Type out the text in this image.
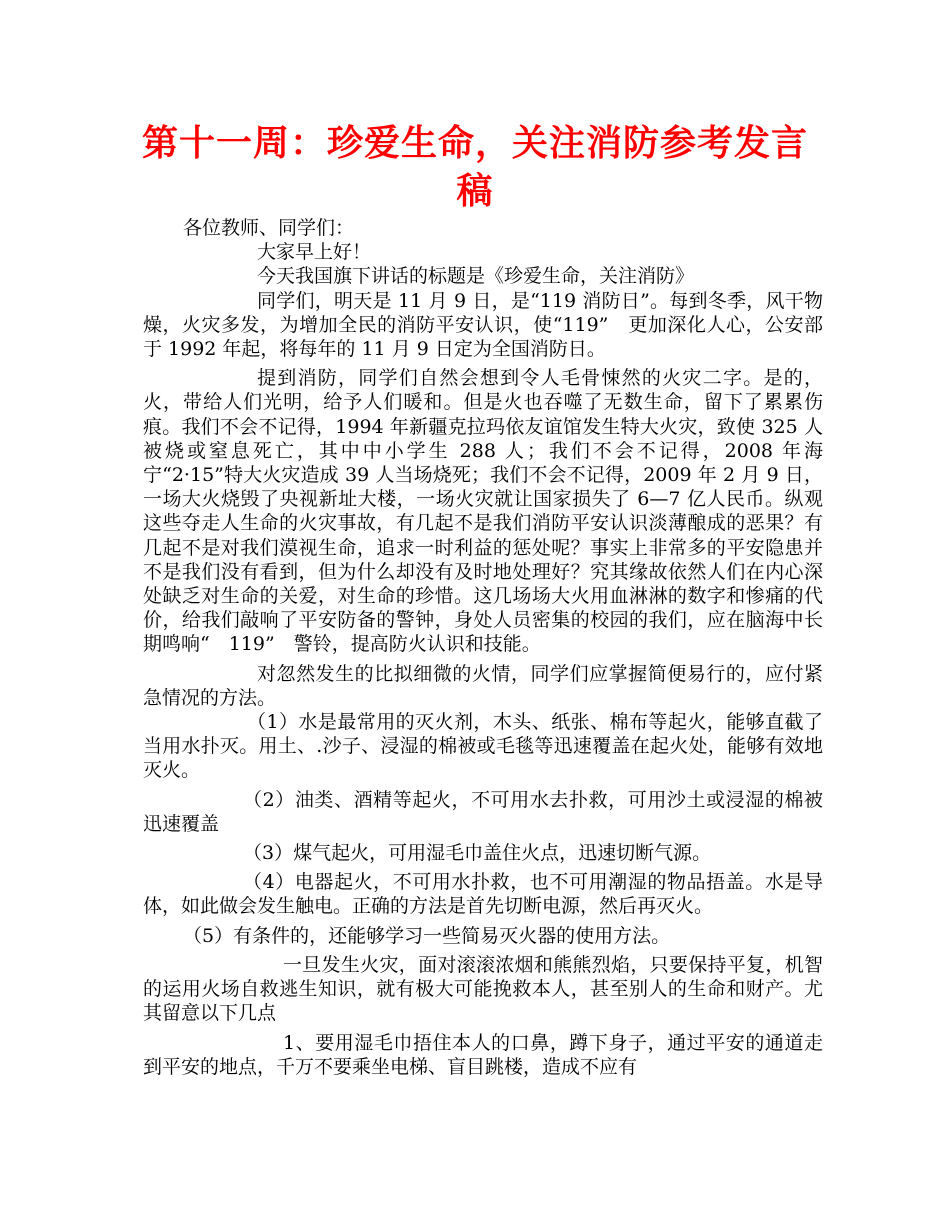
第十一周：珍爱生命，关注消防参考发言稿

各位教师、同学们：

大家早上好！

今天我国旗下讲话的标题是《珍爱生命，关注消防》

同学们，明天是 11 月 9 日，是“119 消防日”。每到冬季，风干物燥，火灾多发，为增加全民的消防平安认识，使“119”　更加深化人心，公安部于 1992 年起，将每年的 11 月 9 日定为全国消防日。

提到消防，同学们自然会想到令人毛骨悚然的火灾二字。是的，火，带给人们光明，给予人们暖和。但是火也吞噬了无数生命，留下了累累伤痕。我们不会不记得，1994 年新疆克拉玛依友谊馆发生特大火灾，致使 325 人被烧或窒息死亡，其中中小学生 288 人；我们不会不记得，2008 年海宁“2·15”特大火灾造成 39 人当场烧死；我们不会不记得，2009 年 2 月 9 日，一场大火烧毁了央视新址大楼，一场火灾就让国家损失了 6—7 亿人民币。纵观这些夺走人生命的火灾事故，有几起不是我们消防平安认识淡薄酿成的恶果？有几起不是对我们漠视生命，追求一时利益的惩处呢？事实上非常多的平安隐患并不是我们没有看到，但为什么却没有及时地处理好？究其缘故依然人们在内心深处缺乏对生命的关爱，对生命的珍惜。这几场场大火用血淋淋的数字和惨痛的代价，给我们敲响了平安防备的警钟，身处人员密集的校园的我们，应在脑海中长期鸣响“　119”　警铃，提高防火认识和技能。

对忽然发生的比拟细微的火情，同学们应掌握简便易行的，应付紧急情况的方法。

（1）水是最常用的灭火剂，木头、纸张、棉布等起火，能够直截了当用水扑灭。用土、.沙子、浸湿的棉被或毛毯等迅速覆盖在起火处，能够有效地灭火。

（2）油类、酒精等起火，不可用水去扑救，可用沙土或浸湿的棉被迅速覆盖

（3）煤气起火，可用湿毛巾盖住火点，迅速切断气源。

（4）电器起火，不可用水扑救，也不可用潮湿的物品捂盖。水是导体，如此做会发生触电。正确的方法是首先切断电源，然后再灭火。

（5）有条件的，还能够学习一些简易灭火器的使用方法。

一旦发生火灾，面对滚滚浓烟和熊熊烈焰，只要保持平复，机智的运用火场自救逃生知识，就有极大可能挽救本人，甚至别人的生命和财产。尤其留意以下几点

1、要用湿毛巾捂住本人的口鼻，蹲下身子，通过平安的通道走到平安的地点，千万不要乘坐电梯、盲目跳楼，造成不应有
